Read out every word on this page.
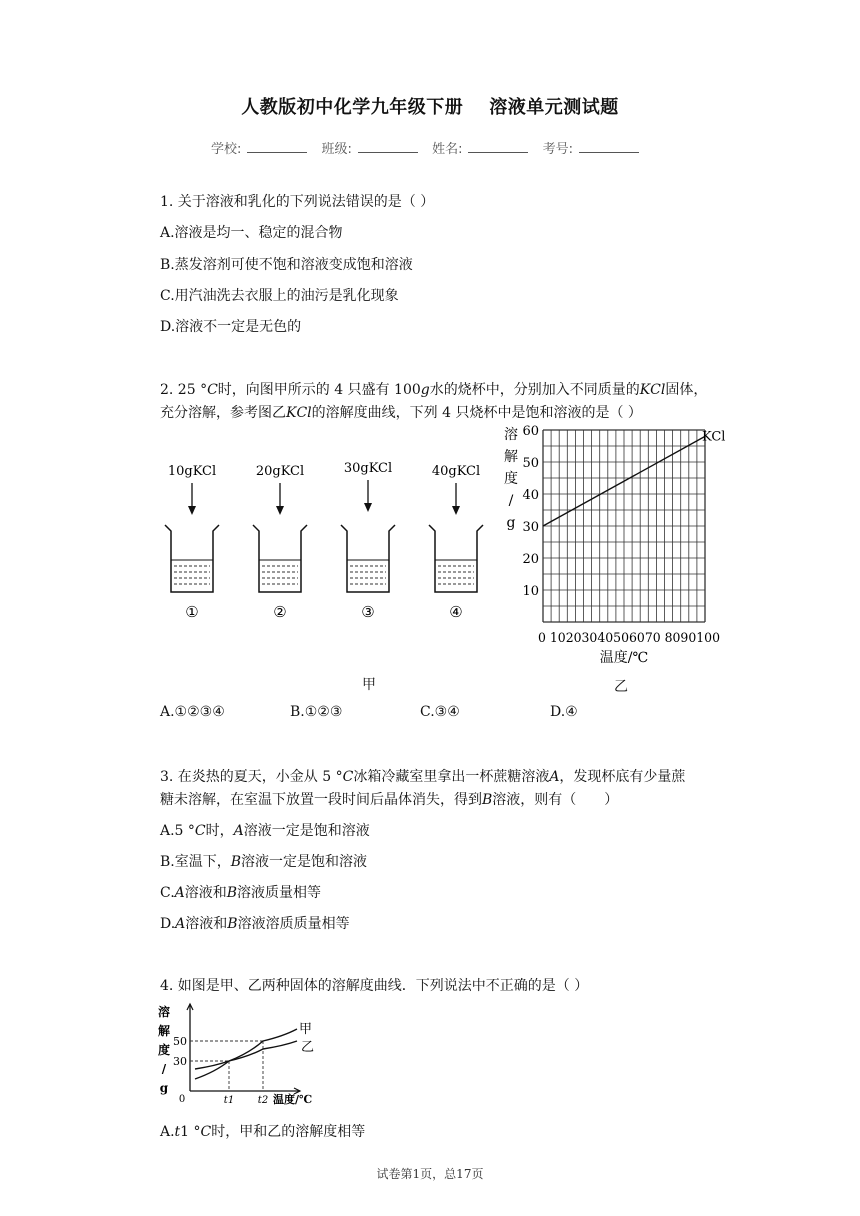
人教版初中化学九年级下册 溶液单元测试题
学校:	班级:	姓名:	考号:
1. 关于溶液和乳化的下列说法错误的是（ ）
A.溶液是均一、稳定的混合物
B.蒸发溶剂可使不饱和溶液变成饱和溶液
C.用汽油洗去衣服上的油污是乳化现象
D.溶液不一定是无色的
2. 25 °𝐶时，向图甲所示的 4 只盛有 100𝑔水的烧杯中，分别加入不同质量的𝐾𝐶𝑙固体，
充分溶解，参考图乙𝐾𝐶𝑙的溶解度曲线，下列 4 只烧杯中是饱和溶液的是（ ）
10gKCl
①
20gKCl
②
30gKCl
③
40gKCl
④
甲
10
20
30
40
50
60
0 10203040506070 8090100
温度/℃
溶解度/ g
KCl
乙
A.①②③④	B.①②③	C.③④	D.④
3. 在炎热的夏天，小金从 5 °𝐶冰箱冷藏室里拿出一杯蔗糖溶液𝐴，发现杯底有少量蔗
糖未溶解，在室温下放置一段时间后晶体消失，得到𝐵溶液，则有（　　）
A.5 °𝐶时，𝐴溶液一定是饱和溶液
B.室温下，𝐵溶液一定是饱和溶液
C.𝐴溶液和𝐵溶液质量相等
D.𝐴溶液和𝐵溶液溶质质量相等
4. 如图是甲、乙两种固体的溶解度曲线．下列说法中不正确的是（ ）
溶解度/ g
0
30
50
t1 t2 温度/℃
甲
乙
A.𝑡1 °𝐶时，甲和乙的溶解度相等
试卷第1页，总17页
